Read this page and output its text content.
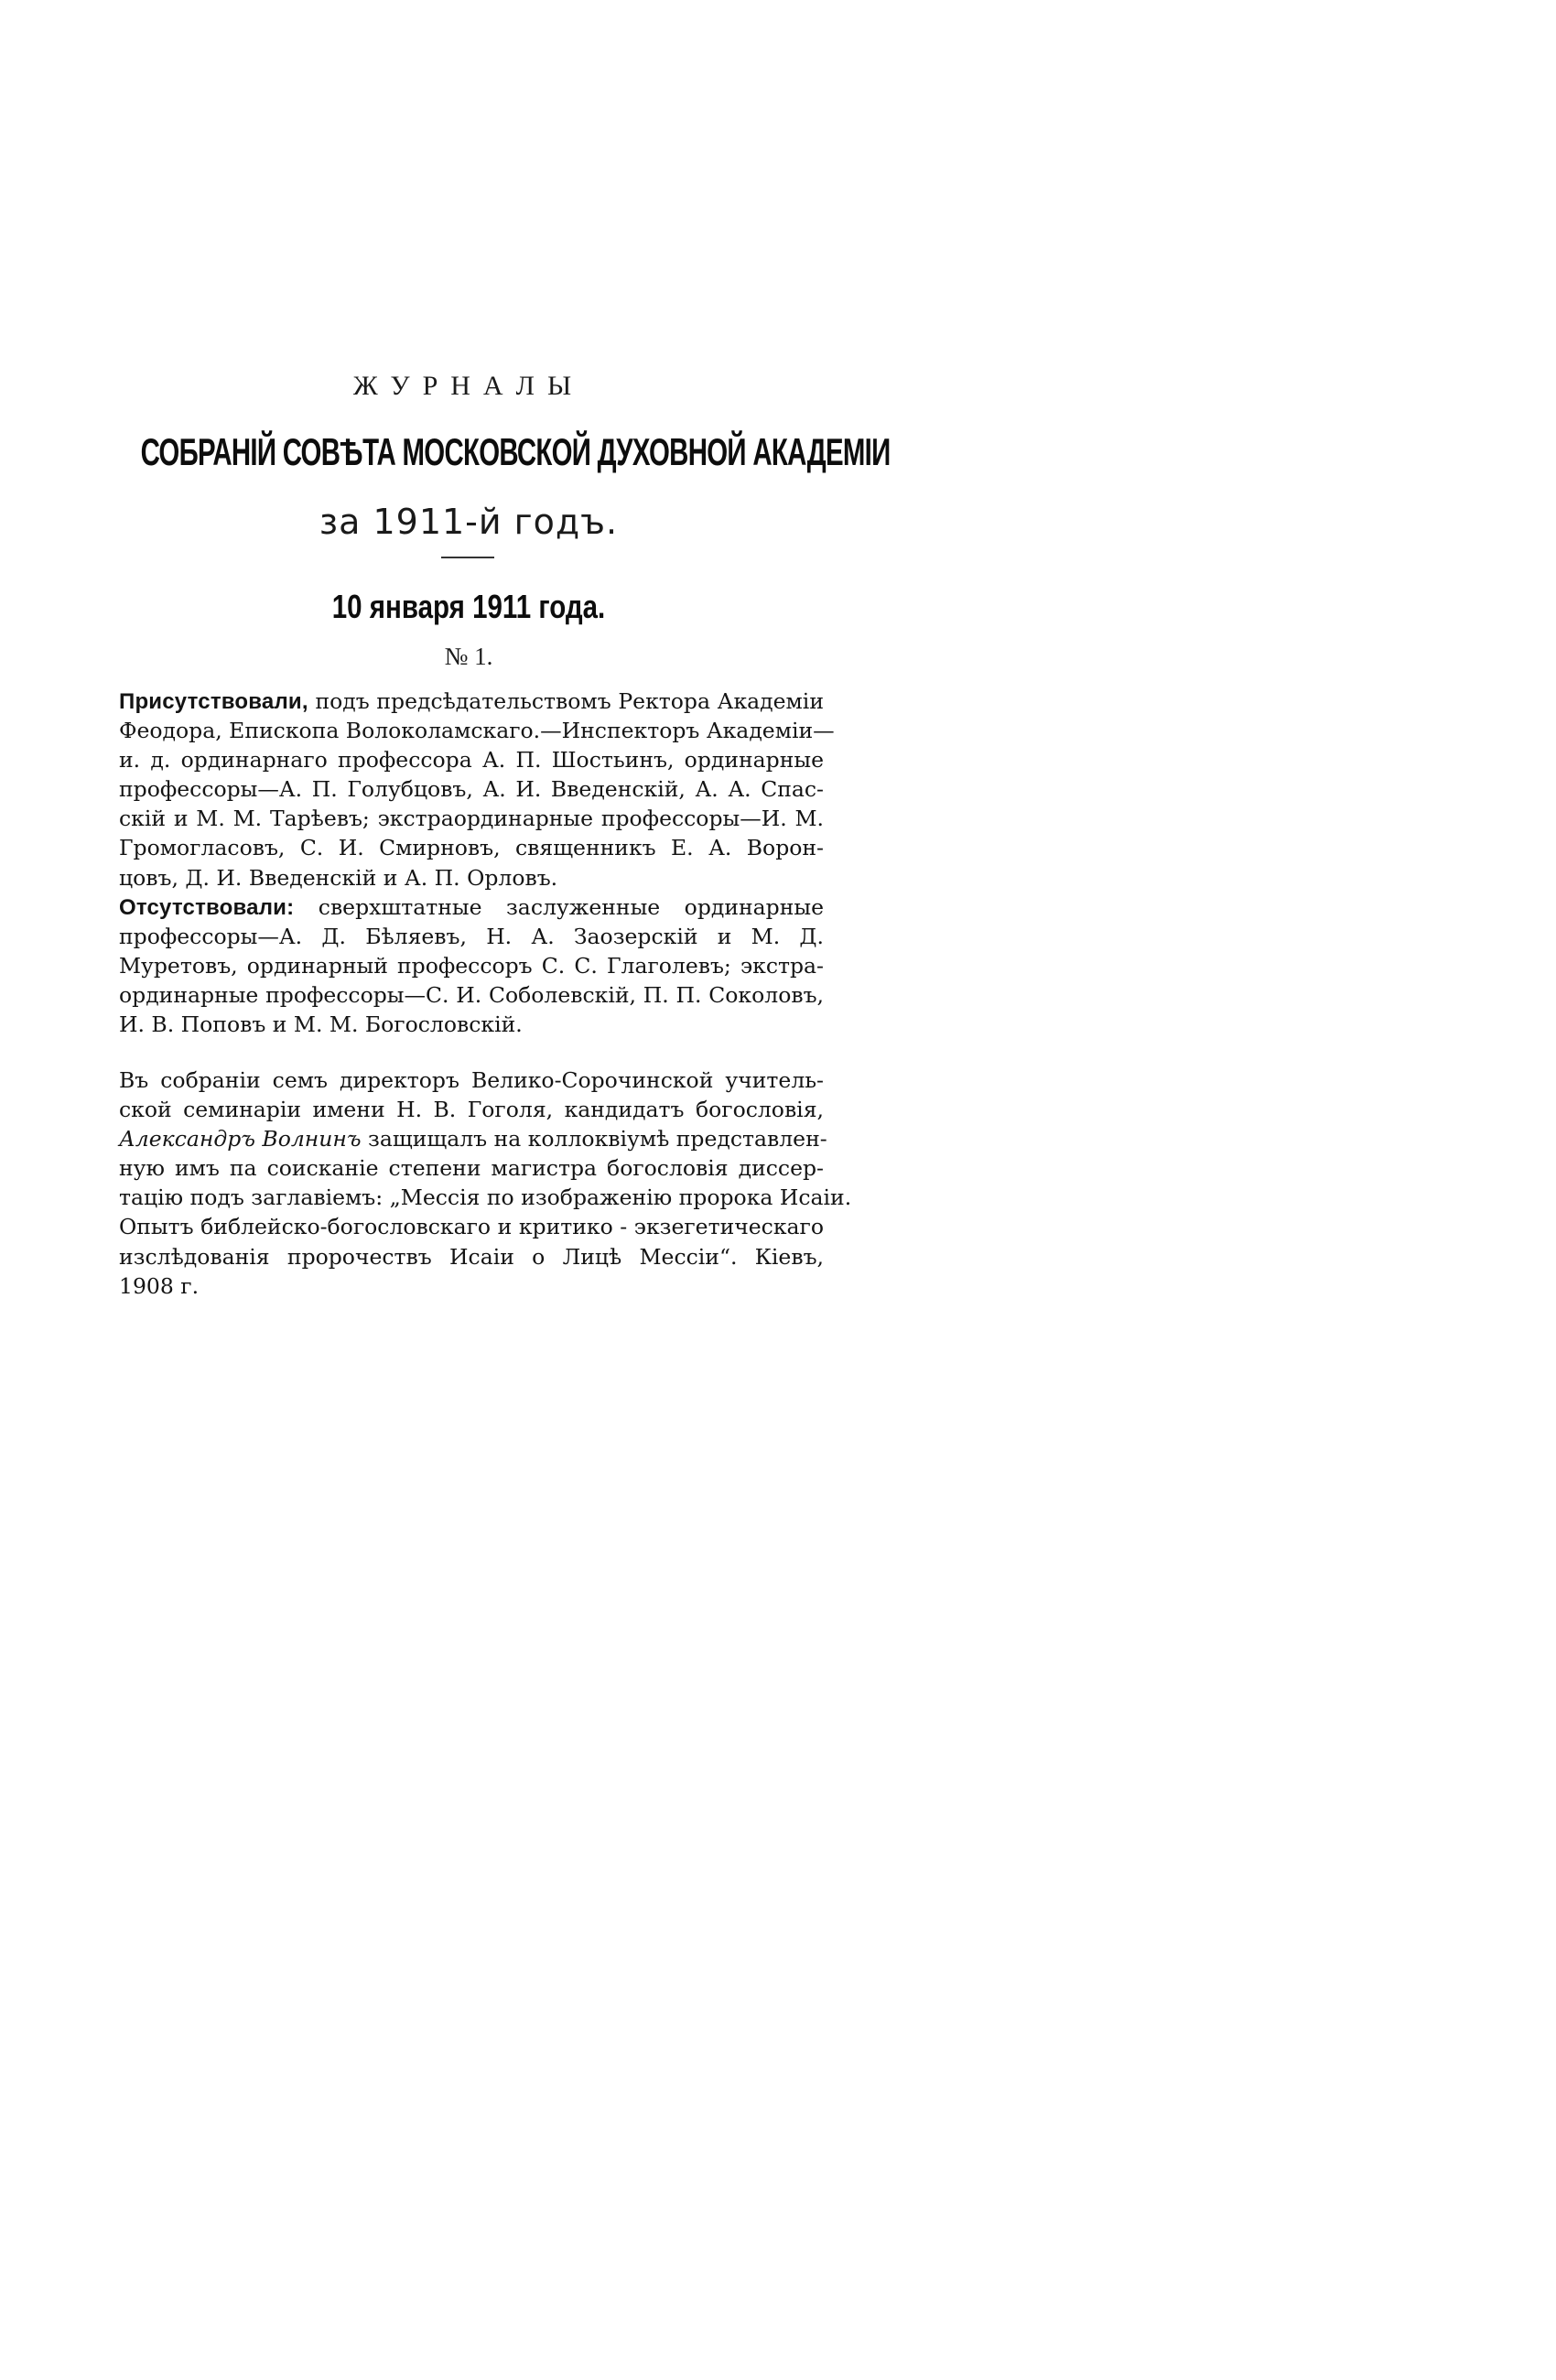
ЖУРНАЛЫ
СОБРАНІЙ СОВѢТА МОСКОВСКОЙ ДУХОВНОЙ АКАДЕМІИ
за 1911-й годъ.
10 января 1911 года.
№ 1.
Присутствовали, подъ предсѣдательствомъ Ректора Академіи
Феодора, Епископа Волоколамскаго.—Инспекторъ Академіи—
и. д. ординарнаго профессора А. П. Шостьинъ, ординарные
профессоры—А. П. Голубцовъ, А. И. Введенскій, А. А. Спас-
скій и М. М. Тарѣевъ; экстраординарные профессоры—И. М.
Громогласовъ, С. И. Смирновъ, священникъ Е. А. Ворон-
цовъ, Д. И. Введенскій и А. П. Орловъ.
Отсутствовали: сверхштатные заслуженные ординарные
профессоры—А. Д. Бѣляевъ, Н. А. Заозерскій и М. Д.
Муретовъ, ординарный профессоръ С. С. Глаголевъ; экстра-
ординарные профессоры—С. И. Соболевскій, П. П. Соколовъ,
И. В. Поповъ и М. М. Богословскій.
Въ собраніи семъ директоръ Велико-Сорочинской учитель-
ской семинаріи имени Н. В. Гоголя, кандидатъ богословія,
Александръ Волнинъ защищалъ на коллоквіумѣ представлен-
ную имъ па соисканіе степени магистра богословія диссер-
тацію подъ заглавіемъ: „Мессія по изображенію пророка Исаіи.
Опытъ библейско-богословскаго и критико - экзегетическаго
изслѣдованія пророчествъ Исаіи о Лицѣ Мессіи“. Кіевъ,
1908 г.
